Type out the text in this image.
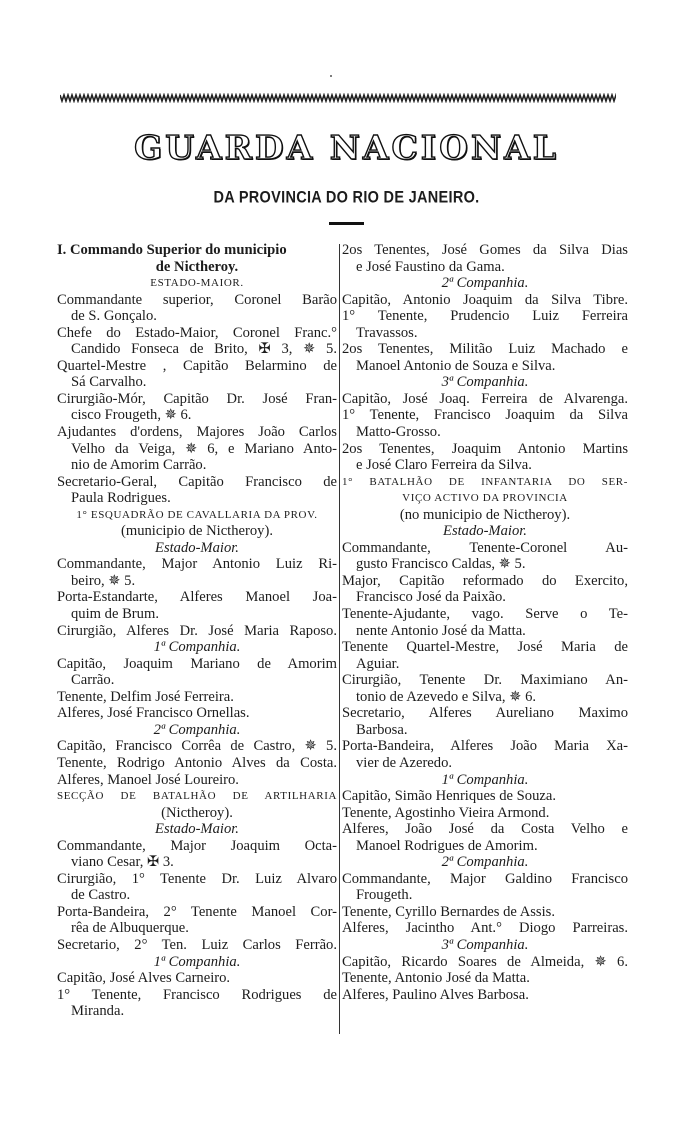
GUARDA NACIONAL
DA PROVINCIA DO RIO DE JANEIRO.
I. Commando Superior do municipio
de Nictheroy.
ESTADO-MAIOR.
Commandante superior, Coronel Barão
de S. Gonçalo.
Chefe do Estado-Maior, Coronel Franc.°
Candido Fonseca de Brito, ✠ 3, ✵ 5.
Quartel-Mestre , Capitão Belarmino de
Sá Carvalho.
Cirurgião-Mór, Capitão Dr. José Fran-
cisco Frougeth, ✵ 6.
Ajudantes d'ordens, Majores João Carlos
Velho da Veiga, ✵ 6, e Mariano Anto-
nio de Amorim Carrão.
Secretario-Geral, Capitão Francisco de
Paula Rodrigues.
1° ESQUADRÃO DE CAVALLARIA DA PROV.
(municipio de Nictheroy).
Estado-Maior.
Commandante, Major Antonio Luiz Ri-
beiro, ✵ 5.
Porta-Estandarte, Alferes Manoel Joa-
quim de Brum.
Cirurgião, Alferes Dr. José Maria Raposo.
1ª Companhia.
Capitão, Joaquim Mariano de Amorim
Carrão.
Tenente, Delfim José Ferreira.
Alferes, José Francisco Ornellas.
2ª Companhia.
Capitão, Francisco Corrêa de Castro, ✵ 5.
Tenente, Rodrigo Antonio Alves da Costa.
Alferes, Manoel José Loureiro.
SECÇÃO DE BATALHÃO DE ARTILHARIA
(Nictheroy).
Estado-Maior.
Commandante, Major Joaquim Octa-
viano Cesar, ✠ 3.
Cirurgião, 1° Tenente Dr. Luiz Alvaro
de Castro.
Porta-Bandeira, 2° Tenente Manoel Cor-
rêa de Albuquerque.
Secretario, 2° Ten. Luiz Carlos Ferrão.
1ª Companhia.
Capitão, José Alves Carneiro.
1° Tenente, Francisco Rodrigues de
Miranda.
2os Tenentes, José Gomes da Silva Dias
e José Faustino da Gama.
2ª Companhia.
Capitão, Antonio Joaquim da Silva Tibre.
1° Tenente, Prudencio Luiz Ferreira
Travassos.
2os Tenentes, Militão Luiz Machado e
Manoel Antonio de Souza e Silva.
3ª Companhia.
Capitão, José Joaq. Ferreira de Alvarenga.
1° Tenente, Francisco Joaquim da Silva
Matto-Grosso.
2os Tenentes, Joaquim Antonio Martins
e José Claro Ferreira da Silva.
1° BATALHÃO DE INFANTARIA DO SER-
VIÇO ACTIVO DA PROVINCIA
(no municipio de Nictheroy).
Estado-Maior.
Commandante, Tenente-Coronel Au-
gusto Francisco Caldas, ✵ 5.
Major, Capitão reformado do Exercito,
Francisco José da Paixão.
Tenente-Ajudante, vago. Serve o Te-
nente Antonio José da Matta.
Tenente Quartel-Mestre, José Maria de
Aguiar.
Cirurgião, Tenente Dr. Maximiano An-
tonio de Azevedo e Silva, ✵ 6.
Secretario, Alferes Aureliano Maximo
Barbosa.
Porta-Bandeira, Alferes João Maria Xa-
vier de Azeredo.
1ª Companhia.
Capitão, Simão Henriques de Souza.
Tenente, Agostinho Vieira Armond.
Alferes, João José da Costa Velho e
Manoel Rodrigues de Amorim.
2ª Companhia.
Commandante, Major Galdino Francisco
Frougeth.
Tenente, Cyrillo Bernardes de Assis.
Alferes, Jacintho Ant.° Diogo Parreiras.
3ª Companhia.
Capitão, Ricardo Soares de Almeida, ✵ 6.
Tenente, Antonio José da Matta.
Alferes, Paulino Alves Barbosa.
